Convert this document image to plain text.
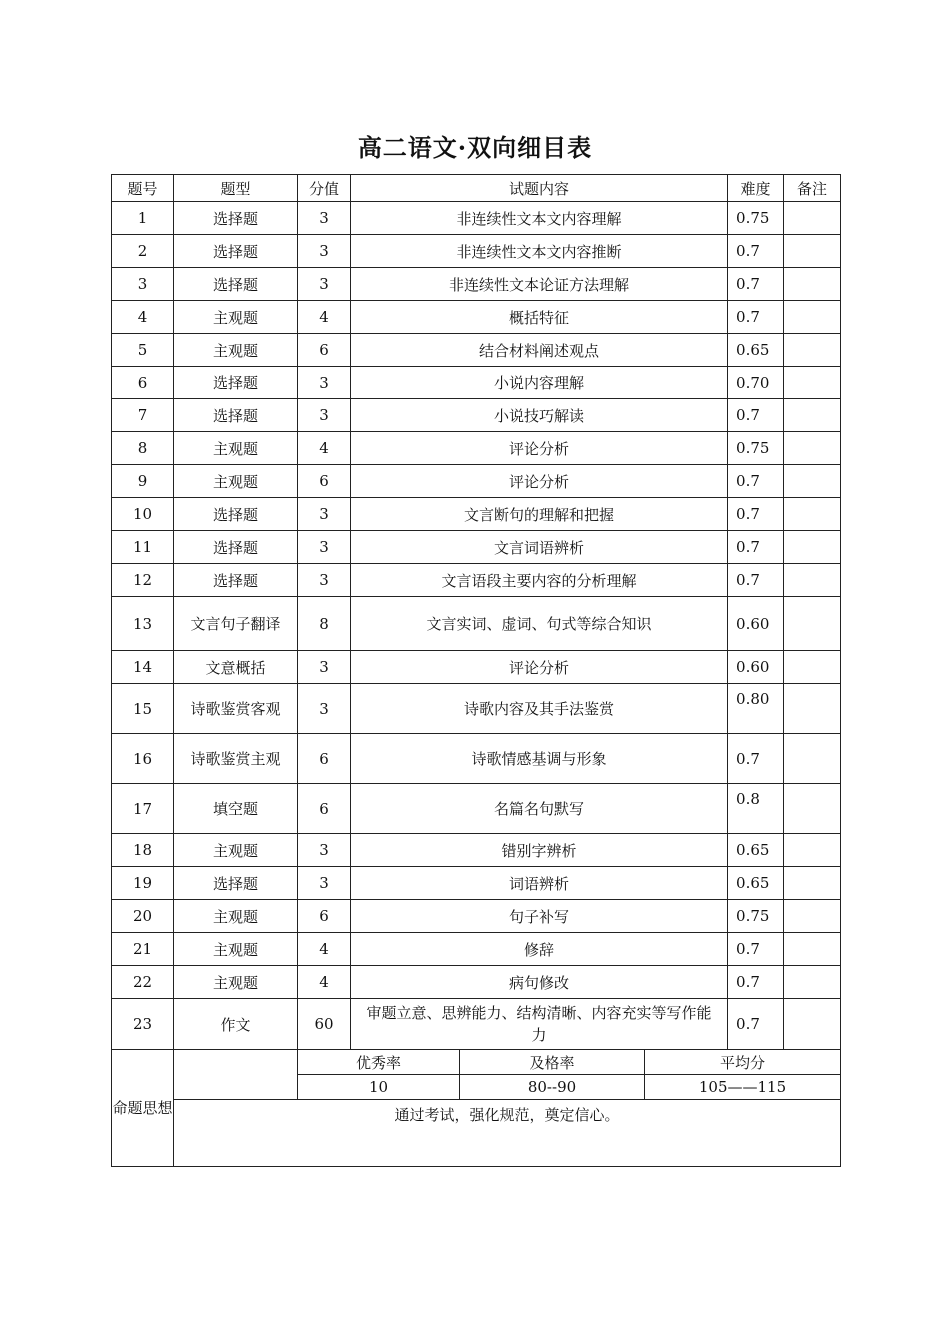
高二语文·双向细目表
题号	题型	分值	试题内容			难度	备注
1	选择题	3	非连续性文本文内容理解			0.75	
2	选择题	3	非连续性文本文内容推断			0.7	
3	选择题	3	非连续性文本论证方法理解			0.7	
4	主观题	4	概括特征			0.7	
5	主观题	6	结合材料阐述观点			0.65	
6	选择题	3	小说内容理解			0.70	
7	选择题	3	小说技巧解读			0.7	
8	主观题	4	评论分析			0.75	
9	主观题	6	评论分析			0.7	
10	选择题	3	文言断句的理解和把握			0.7	
11	选择题	3	文言词语辨析			0.7	
12	选择题	3	文言语段主要内容的分析理解			0.7	
13	文言句子翻译	8	文言实词、虚词、句式等综合知识			0.60	
14	文意概括	3	评论分析			0.60	
15	诗歌鉴赏客观	3	诗歌内容及其手法鉴赏			0.80	
16	诗歌鉴赏主观	6	诗歌情感基调与形象			0.7	
17	填空题	6	名篇名句默写			0.8	
18	主观题	3	错别字辨析			0.65	
19	选择题	3	词语辨析			0.65	
20	主观题	6	句子补写			0.75	
21	主观题	4	修辞			0.7	
22	主观题	4	病句修改			0.7	
23	作文	60	审题立意、思辨能力、结构清晰、内容充实等写作能力			0.7	
命题思想		优秀率		及格率	平均分		
		10		80--90	105——115		
	通过考试，强化规范，奠定信心。						
